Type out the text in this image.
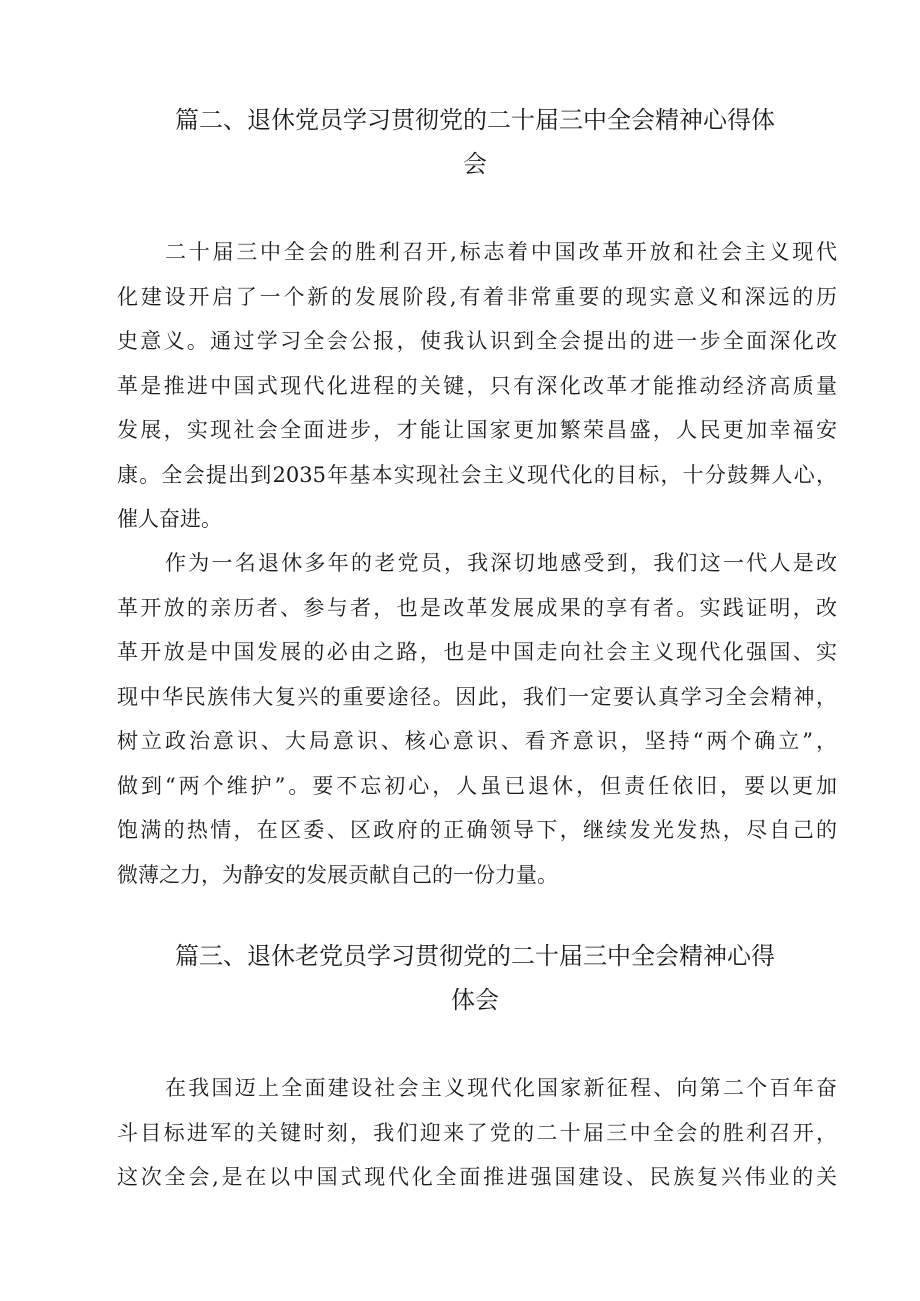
篇二、退休党员学习贯彻党的二十届三中全会精神心得体
会
二十届三中全会的胜利召开,标志着中国改革开放和社会主义现代
化建设开启了一个新的发展阶段,有着非常重要的现实意义和深远的历
史意义。通过学习全会公报，使我认识到全会提出的进一步全面深化改
革是推进中国式现代化进程的关键，只有深化改革才能推动经济高质量
发展，实现社会全面进步，才能让国家更加繁荣昌盛，人民更加幸福安
康。全会提出到2035年基本实现社会主义现代化的目标，十分鼓舞人心，
催人奋进。
作为一名退休多年的老党员，我深切地感受到，我们这一代人是改
革开放的亲历者、参与者，也是改革发展成果的享有者。实践证明，改
革开放是中国发展的必由之路，也是中国走向社会主义现代化强国、实
现中华民族伟大复兴的重要途径。因此，我们一定要认真学习全会精神，
树立政治意识、大局意识、核心意识、看齐意识，坚持“两个确立”，
做到“两个维护”。要不忘初心，人虽已退休，但责任依旧，要以更加
饱满的热情，在区委、区政府的正确领导下，继续发光发热，尽自己的
微薄之力，为静安的发展贡献自己的一份力量。
篇三、退休老党员学习贯彻党的二十届三中全会精神心得
体会
在我国迈上全面建设社会主义现代化国家新征程、向第二个百年奋
斗目标进军的关键时刻，我们迎来了党的二十届三中全会的胜利召开，
这次全会,是在以中国式现代化全面推进强国建设、民族复兴伟业的关
